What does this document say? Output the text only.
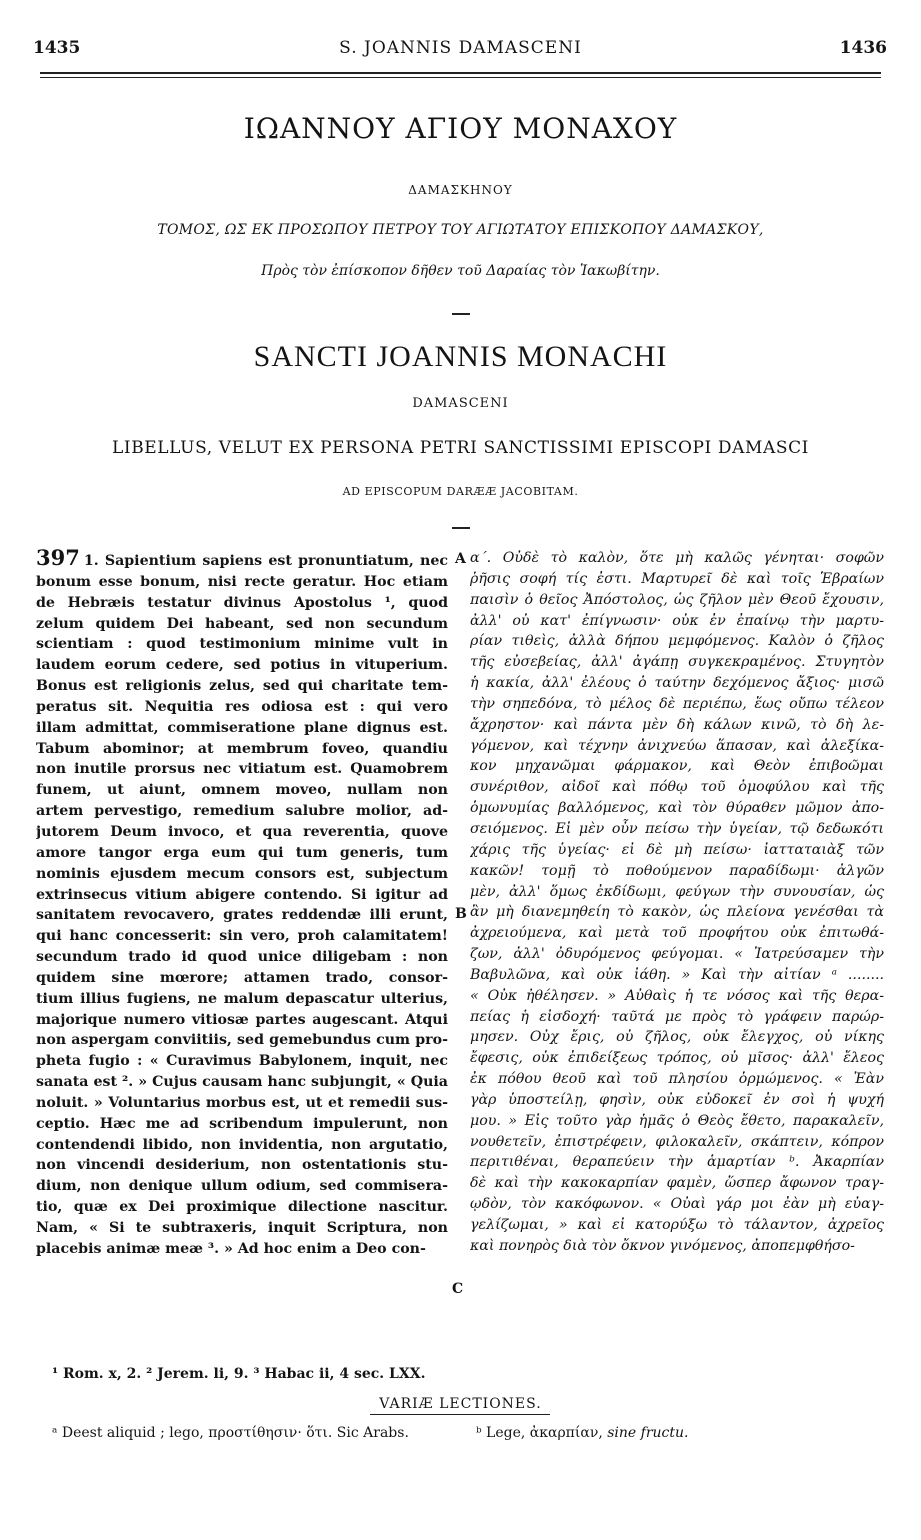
1435	S. JOANNIS DAMASCENI	1436
ΙΩΑΝΝΟΥ ΑΓΙΟΥ ΜΟΝΑΧΟΥ
ΔΑΜΑΣΚΗΝΟΥ
ΤΟΜΟΣ, ΩΣ ΕΚ ΠΡΟΣΩΠΟΥ ΠΕΤΡΟΥ ΤΟΥ ΑΓΙΩΤΑΤΟΥ ΕΠΙΣΚΟΠΟΥ ΔΑΜΑΣΚΟΥ,
Πρὸς τὸν ἐπίσκοπον δῆθεν τοῦ Δαραίας τὸν Ἰακωβίτην.
SANCTI JOANNIS MONACHI
DAMASCENI
LIBELLUS, VELUT EX PERSONA PETRI SANCTISSIMI EPISCOPI DAMASCI
AD EPISCOPUM DARÆÆ JACOBITAM.
397 1. Sapientium sapiens est pronuntiatum, nec
bonum esse bonum, nisi recte geratur. Hoc etiam
de Hebræis testatur divinus Apostolus ¹, quod
zelum quidem Dei habeant, sed non secundum
scientiam : quod testimonium minime vult in
laudem eorum cedere, sed potius in vituperium.
Bonus est religionis zelus, sed qui charitate tem-
peratus sit. Nequitia res odiosa est : qui vero
illam admittat, commiseratione plane dignus est.
Tabum abominor; at membrum foveo, quandiu
non inutile prorsus nec vitiatum est. Quamobrem
funem, ut aiunt, omnem moveo, nullam non
artem pervestigo, remedium salubre molior, ad-
jutorem Deum invoco, et qua reverentia, quove
amore tangor erga eum qui tum generis, tum
nominis ejusdem mecum consors est, subjectum
extrinsecus vitium abigere contendo. Si igitur ad
sanitatem revocavero, grates reddendæ illi erunt,
qui hanc concesserit: sin vero, proh calamitatem!
secundum trado id quod unice diligebam : non
quidem sine mœrore; attamen trado, consor-
tium illius fugiens, ne malum depascatur ulterius,
majorique numero vitiosæ partes augescant. Atqui
non aspergam conviitiis, sed gemebundus cum pro-
pheta fugio : « Curavimus Babylonem, inquit, nec
sanata est ². » Cujus causam hanc subjungit, « Quia
noluit. » Voluntarius morbus est, ut et remedii sus-
ceptio. Hæc me ad scribendum impulerunt, non
contendendi libido, non invidentia, non argutatio,
non vincendi desiderium, non ostentationis stu-
dium, non denique ullum odium, sed commisera-
tio, quæ ex Dei proximique dilectione nascitur.
Nam, « Si te subtraxeris, inquit Scriptura, non
placebis animæ meæ ³. » Ad hoc enim a Deo con-
α΄. Οὐδὲ τὸ καλὸν, ὅτε μὴ καλῶς γένηται· σοφῶν
ῥῆσις σοφή τίς ἐστι. Μαρτυρεῖ δὲ καὶ τοῖς Ἑβραίων
παισὶν ὁ θεῖος Ἀπόστολος, ὡς ζῆλον μὲν Θεοῦ ἔχουσιν,
ἀλλ' οὐ κατ' ἐπίγνωσιν· οὐκ ἐν ἐπαίνῳ τὴν μαρτυ-
ρίαν τιθεὶς, ἀλλὰ δήπου μεμφόμενος. Καλὸν ὁ ζῆλος
τῆς εὐσεβείας, ἀλλ' ἀγάπῃ συγκεκραμένος. Στυγητὸν
ἡ κακία, ἀλλ' ἐλέους ὁ ταύτην δεχόμενος ἄξιος· μισῶ
τὴν σηπεδόνα, τὸ μέλος δὲ περιέπω, ἕως οὔπω τέλεον
ἄχρηστον· καὶ πάντα μὲν δὴ κάλων κινῶ, τὸ δὴ λε-
γόμενον, καὶ τέχνην ἀνιχνεύω ἅπασαν, καὶ ἀλεξίκα-
κον μηχανῶμαι φάρμακον, καὶ Θεὸν ἐπιβοῶμαι
συνέριθον, αἰδοῖ καὶ πόθῳ τοῦ ὁμοφύλου καὶ τῆς
ὁμωνυμίας βαλλόμενος, καὶ τὸν θύραθεν μῶμον ἀπο-
σειόμενος. Εἰ μὲν οὖν πείσω τὴν ὑγείαν, τῷ δεδωκότι
χάρις τῆς ὑγείας· εἰ δὲ μὴ πείσω· ἰατταταιὰξ τῶν
κακῶν! τομῇ τὸ ποθούμενον παραδίδωμι· ἀλγῶν
μὲν, ἀλλ' ὅμως ἐκδίδωμι, φεύγων τὴν συνουσίαν, ὡς
ἂν μὴ διανεμηθείη τὸ κακὸν, ὡς πλείονα γενέσθαι τὰ
ἀχρειούμενα, καὶ μετὰ τοῦ προφήτου οὐκ ἐπιτωθά-
ζων, ἀλλ' ὀδυρόμενος φεύγομαι. « Ἰατρεύσαμεν τὴν
Βαβυλῶνα, καὶ οὐκ ἰάθη. » Καὶ τὴν αἰτίαν ᵃ ........
« Οὐκ ἠθέλησεν. » Αὐθαὶς ἡ τε νόσος καὶ τῆς θερα-
πείας ἡ εἰσδοχή· ταῦτά με πρὸς τὸ γράφειν παρώρ-
μησεν. Οὐχ ἔρις, οὐ ζῆλος, οὐκ ἔλεγχος, οὐ νίκης
ἔφεσις, οὐκ ἐπιδείξεως τρόπος, οὐ μῖσος· ἀλλ' ἔλεος
ἐκ πόθου θεοῦ καὶ τοῦ πλησίου ὁρμώμενος. « Ἐὰν
γὰρ ὑποστείλῃ, φησὶν, οὐκ εὐδοκεῖ ἐν σοὶ ἡ ψυχή
μου. » Εἰς τοῦτο γὰρ ἡμᾶς ὁ Θεὸς ἔθετο, παρακαλεῖν,
νουθετεῖν, ἐπιστρέφειν, φιλοκαλεῖν, σκάπτειν, κόπρον
περιτιθέναι, θεραπεύειν τὴν ἁμαρτίαν ᵇ. Ἀκαρπίαν
δὲ καὶ τὴν κακοκαρπίαν φαμὲν, ὥσπερ ἄφωνον τραγ-
ῳδὸν, τὸν κακόφωνον. « Οὐαὶ γάρ μοι ἐὰν μὴ εὐαγ-
γελίζωμαι, » καὶ εἰ κατορύξω τὸ τάλαντον, ἀχρεῖος
καὶ πονηρὸς διὰ τὸν ὄκνον γινόμενος, ἀποπεμφθήσο-
A
B
C
¹ Rom. x, 2. ² Jerem. li, 9. ³ Habac ii, 4 sec. LXX.
VARIÆ LECTIONES.
ᵃ Deest aliquid ; lego, προστίθησιν· ὅτι. Sic Arabs.	ᵇ Lege, ἀκαρπίαν, sine fructu.
